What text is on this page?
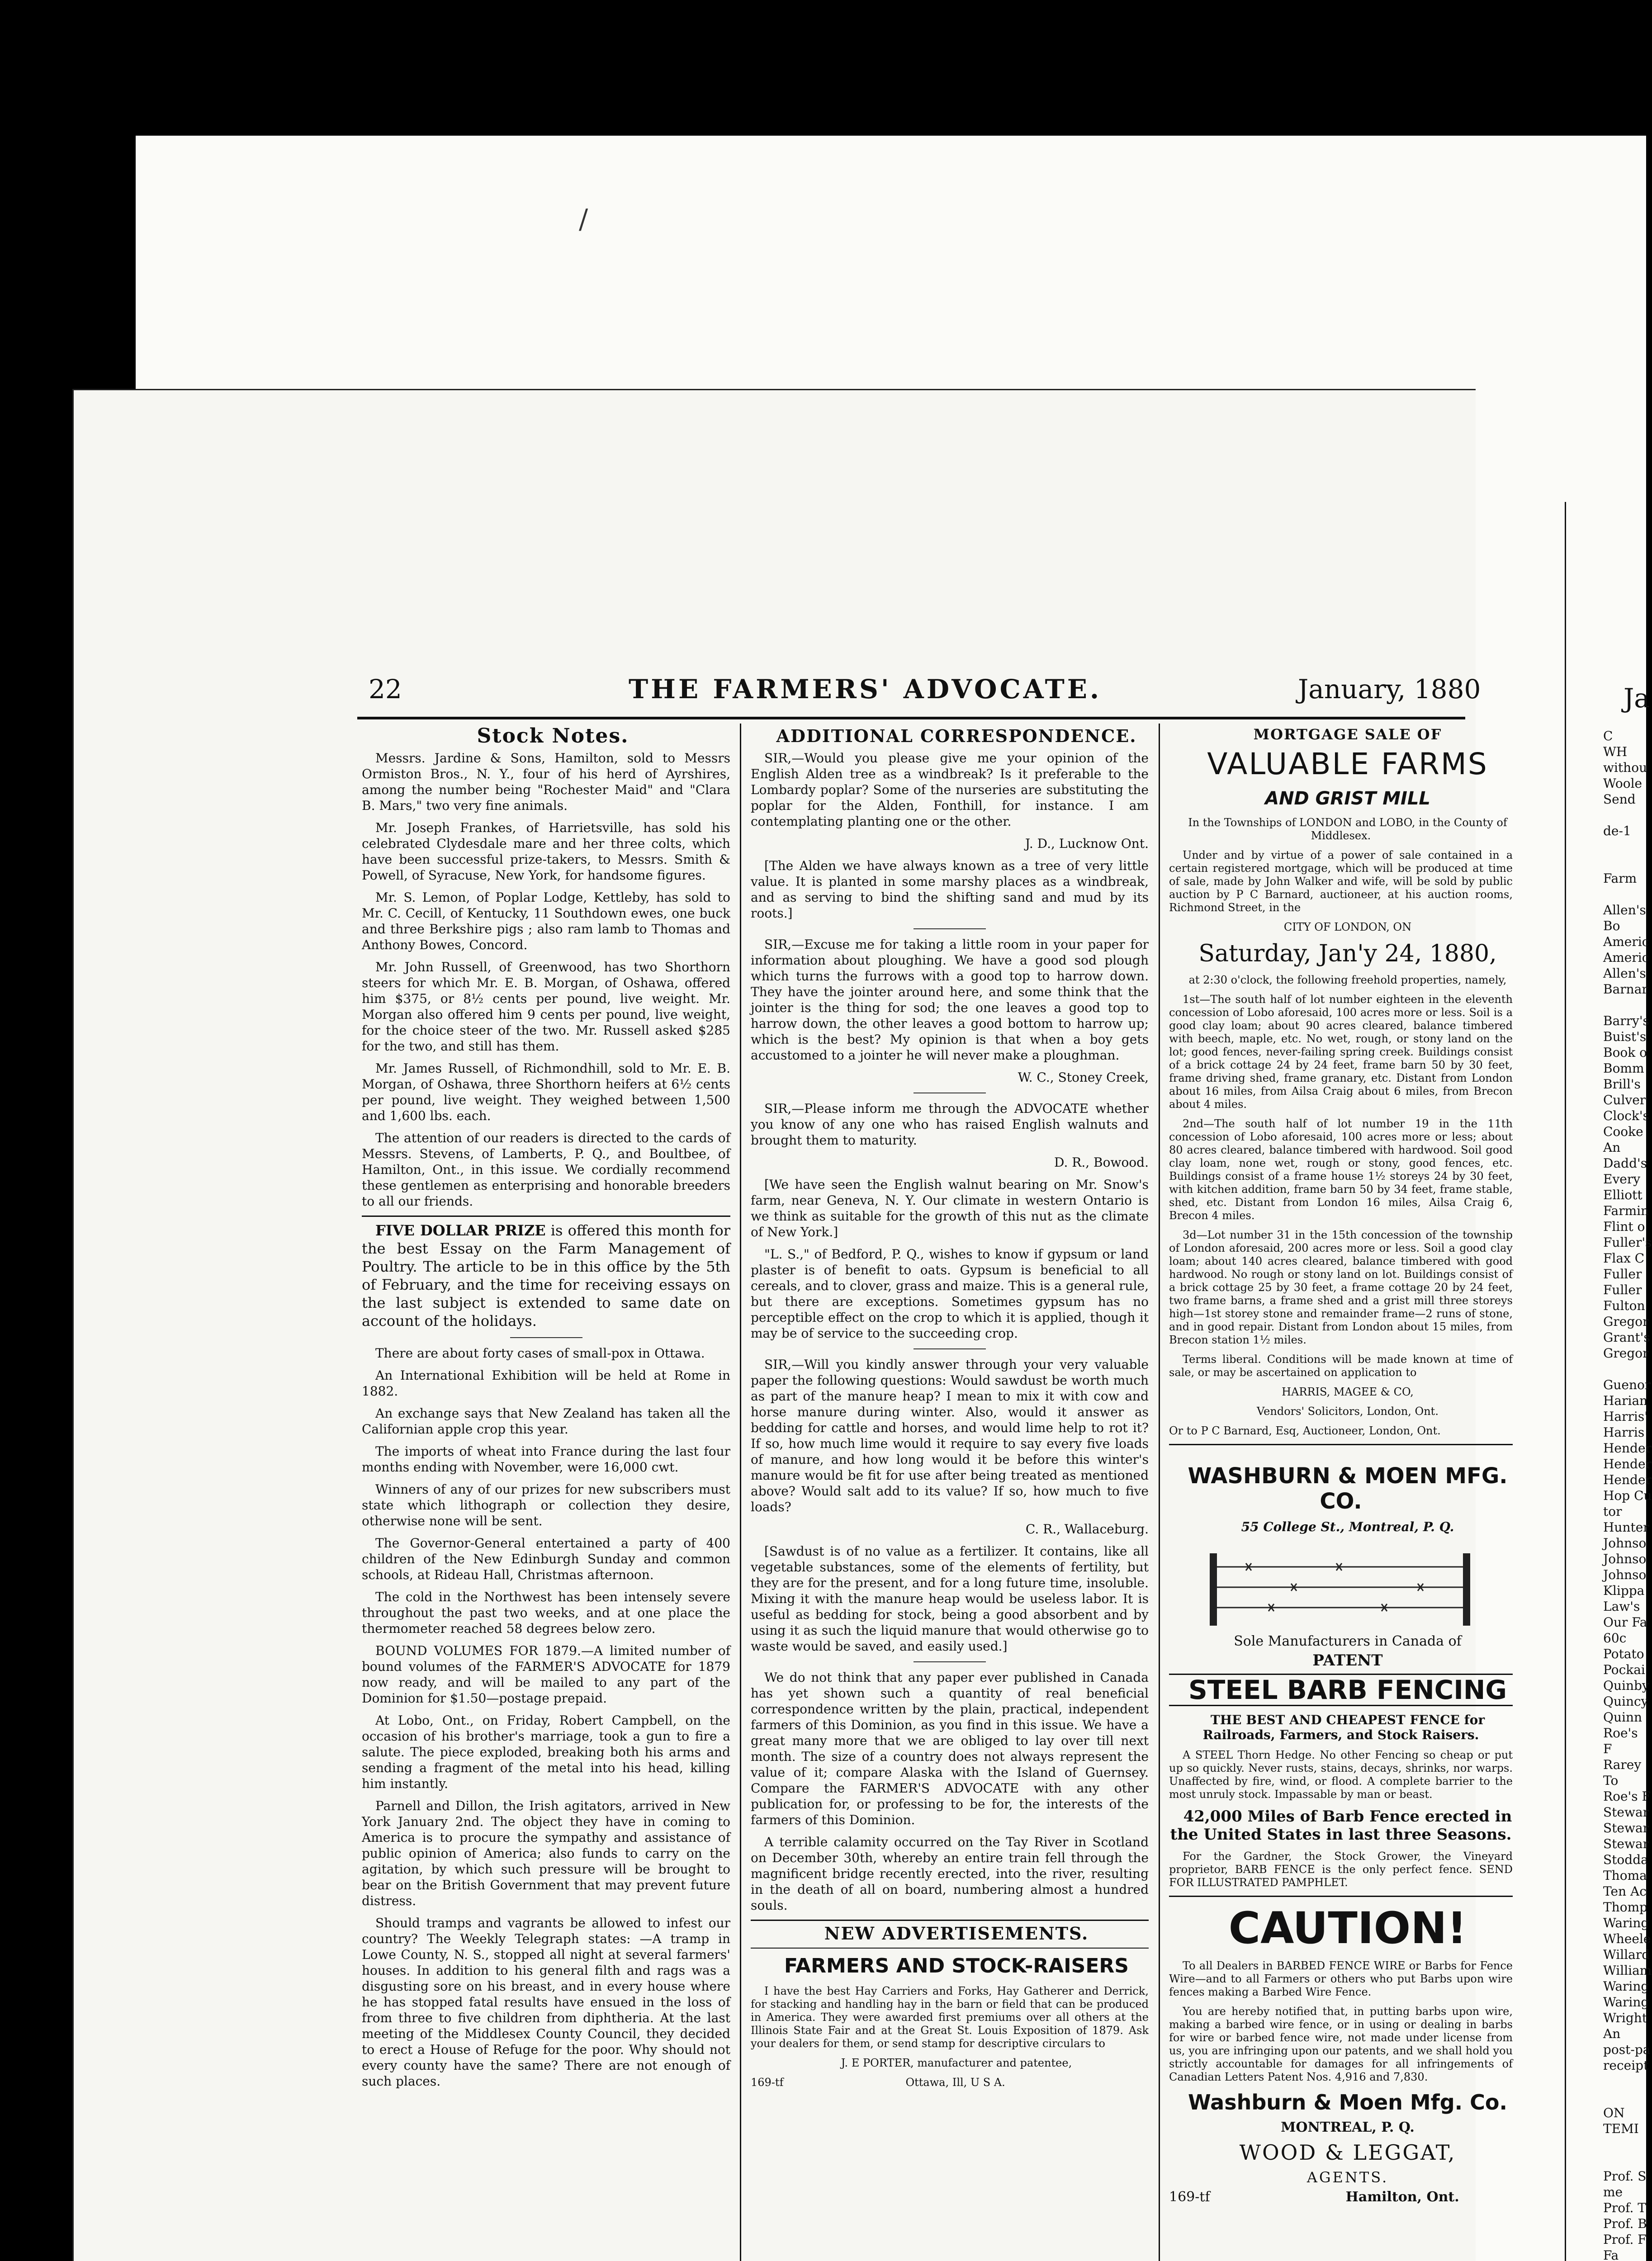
/
22	THE FARMERS' ADVOCATE.	January, 1880

Stock Notes.

Messrs. Jardine & Sons, Hamilton, sold to Messrs Ormiston Bros., N. Y., four of his herd of Ayrshires, among the number being "Rochester Maid" and "Clara B. Mars," two very fine animals.

Mr. Joseph Frankes, of Harrietsville, has sold his celebrated Clydesdale mare and her three colts, which have been successful prize-takers, to Messrs. Smith & Powell, of Syracuse, New York, for handsome figures.

Mr. S. Lemon, of Poplar Lodge, Kettleby, has sold to Mr. C. Cecill, of Kentucky, 11 Southdown ewes, one buck and three Berkshire pigs ; also ram lamb to Thomas and Anthony Bowes, Concord.

Mr. John Russell, of Greenwood, has two Shorthorn steers for which Mr. E. B. Morgan, of Oshawa, offered him $375, or 8½ cents per pound, live weight. Mr. Morgan also offered him 9 cents per pound, live weight, for the choice steer of the two. Mr. Russell asked $285 for the two, and still has them.

Mr. James Russell, of Richmondhill, sold to Mr. E. B. Morgan, of Oshawa, three Shorthorn heifers at 6½ cents per pound, live weight. They weighed between 1,500 and 1,600 lbs. each.

The attention of our readers is directed to the cards of Messrs. Stevens, of Lamberts, P. Q., and Boultbee, of Hamilton, Ont., in this issue. We cordially recommend these gentlemen as enterprising and honorable breeders to all our friends.

FIVE DOLLAR PRIZE is offered this month for the best Essay on the Farm Management of Poultry. The article to be in this office by the 5th of February, and the time for receiving essays on the last subject is extended to same date on account of the holidays.

There are about forty cases of small-pox in Ottawa.

An International Exhibition will be held at Rome in 1882.

An exchange says that New Zealand has taken all the Californian apple crop this year.

The imports of wheat into France during the last four months ending with November, were 16,000 cwt.

Winners of any of our prizes for new subscribers must state which lithograph or collection they desire, otherwise none will be sent.

The Governor-General entertained a party of 400 children of the New Edinburgh Sunday and common schools, at Rideau Hall, Christmas afternoon.

The cold in the Northwest has been intensely severe throughout the past two weeks, and at one place the thermometer reached 58 degrees below zero.

BOUND VOLUMES FOR 1879.—A limited number of bound volumes of the FARMER'S ADVOCATE for 1879 now ready, and will be mailed to any part of the Dominion for $1.50—postage prepaid.

At Lobo, Ont., on Friday, Robert Campbell, on the occasion of his brother's marriage, took a gun to fire a salute. The piece exploded, breaking both his arms and sending a fragment of the metal into his head, killing him instantly.

Parnell and Dillon, the Irish agitators, arrived in New York January 2nd. The object they have in coming to America is to procure the sympathy and assistance of public opinion of America; also funds to carry on the agitation, by which such pressure will be brought to bear on the British Government that may prevent future distress.

Should tramps and vagrants be allowed to infest our country? The Weekly Telegraph states: —A tramp in Lowe County, N. S., stopped all night at several farmers' houses. In addition to his general filth and rags was a disgusting sore on his breast, and in every house where he has stopped fatal results have ensued in the loss of from three to five children from diphtheria. At the last meeting of the Middlesex County Council, they decided to erect a House of Refuge for the poor. Why should not every county have the same? There are not enough of such places.

ADDITIONAL CORRESPONDENCE.

SIR,—Would you please give me your opinion of the English Alden tree as a windbreak? Is it preferable to the Lombardy poplar? Some of the nurseries are substituting the poplar for the Alden, Fonthill, for instance. I am contemplating planting one or the other.

J. D., Lucknow Ont.

[The Alden we have always known as a tree of very little value. It is planted in some marshy places as a windbreak, and as serving to bind the shifting sand and mud by its roots.]

SIR,—Excuse me for taking a little room in your paper for information about ploughing. We have a good sod plough which turns the furrows with a good top to harrow down. They have the jointer around here, and some think that the jointer is the thing for sod; the one leaves a good top to harrow down, the other leaves a good bottom to harrow up; which is the best? My opinion is that when a boy gets accustomed to a jointer he will never make a ploughman.

W. C., Stoney Creek,

SIR,—Please inform me through the ADVOCATE whether you know of any one who has raised English walnuts and brought them to maturity.

D. R., Bowood.

[We have seen the English walnut bearing on Mr. Snow's farm, near Geneva, N. Y. Our climate in western Ontario is we think as suitable for the growth of this nut as the climate of New York.]

"L. S.," of Bedford, P. Q., wishes to know if gypsum or land plaster is of benefit to oats. Gypsum is beneficial to all cereals, and to clover, grass and maize. This is a general rule, but there are exceptions. Sometimes gypsum has no perceptible effect on the crop to which it is applied, though it may be of service to the succeeding crop.

SIR,—Will you kindly answer through your very valuable paper the following questions: Would sawdust be worth much as part of the manure heap? I mean to mix it with cow and horse manure during winter. Also, would it answer as bedding for cattle and horses, and would lime help to rot it? If so, how much lime would it require to say every five loads of manure, and how long would it be before this winter's manure would be fit for use after being treated as mentioned above? Would salt add to its value? If so, how much to five loads?

C. R., Wallaceburg.

[Sawdust is of no value as a fertilizer. It contains, like all vegetable substances, some of the elements of fertility, but they are for the present, and for a long future time, insoluble. Mixing it with the manure heap would be useless labor. It is useful as bedding for stock, being a good absorbent and by using it as such the liquid manure that would otherwise go to waste would be saved, and easily used.]

We do not think that any paper ever published in Canada has yet shown such a quantity of real beneficial correspondence written by the plain, practical, independent farmers of this Dominion, as you find in this issue. We have a great many more that we are obliged to lay over till next month. The size of a country does not always represent the value of it; compare Alaska with the Island of Guernsey. Compare the FARMER'S ADVOCATE with any other publication for, or professing to be for, the interests of the farmers of this Dominion.

A terrible calamity occurred on the Tay River in Scotland on December 30th, whereby an entire train fell through the magnificent bridge recently erected, into the river, resulting in the death of all on board, numbering almost a hundred souls.

NEW ADVERTISEMENTS.

FARMERS AND STOCK-RAISERS

I have the best Hay Carriers and Forks, Hay Gatherer and Derrick, for stacking and handling hay in the barn or field that can be produced in America. They were awarded first premiums over all others at the Illinois State Fair and at the Great St. Louis Exposition of 1879. Ask your dealers for them, or send stamp for descriptive circulars to

J. E PORTER, manufacturer and patentee,

169-tf	Ottawa, Ill, U S A.

MORTGAGE SALE OF

VALUABLE FARMS

AND GRIST MILL

In the Townships of LONDON and LOBO, in the County of Middlesex.

Under and by virtue of a power of sale contained in a certain registered mortgage, which will be produced at time of sale, made by John Walker and wife, will be sold by public auction by P C Barnard, auctioneer, at his auction rooms, Richmond Street, in the

CITY OF LONDON, ON

Saturday, Jan'y 24, 1880,

at 2:30 o'clock, the following freehold properties, namely,

1st—The south half of lot number eighteen in the eleventh concession of Lobo aforesaid, 100 acres more or less. Soil is a good clay loam; about 90 acres cleared, balance timbered with beech, maple, etc. No wet, rough, or stony land on the lot; good fences, never-failing spring creek. Buildings consist of a brick cottage 24 by 24 feet, frame barn 50 by 30 feet, frame driving shed, frame granary, etc. Distant from London about 16 miles, from Ailsa Craig about 6 miles, from Brecon about 4 miles.

2nd—The south half of lot number 19 in the 11th concession of Lobo aforesaid, 100 acres more or less; about 80 acres cleared, balance timbered with hardwood. Soil good clay loam, none wet, rough or stony, good fences, etc. Buildings consist of a frame house 1½ storeys 24 by 30 feet, with kitchen addition, frame barn 50 by 34 feet, frame stable, shed, etc. Distant from London 16 miles, Ailsa Craig 6, Brecon 4 miles.

3d—Lot number 31 in the 15th concession of the township of London aforesaid, 200 acres more or less. Soil a good clay loam; about 140 acres cleared, balance timbered with good hardwood. No rough or stony land on lot. Buildings consist of a brick cottage 25 by 30 feet, a frame cottage 20 by 24 feet, two frame barns, a frame shed and a grist mill three storeys high—1st storey stone and remainder frame—2 runs of stone, and in good repair. Distant from London about 15 miles, from Brecon station 1½ miles.

Terms liberal. Conditions will be made known at time of sale, or may be ascertained on application to

HARRIS, MAGEE & CO,

Vendors' Solicitors, London, Ont.

Or to P C Barnard, Esq, Auctioneer, London, Ont.

WASHBURN & MOEN MFG. CO.

55 College St., Montreal, P. Q.

Sole Manufacturers in Canada of

PATENT

STEEL BARB FENCING

THE BEST AND CHEAPEST FENCE for Railroads, Farmers, and Stock Raisers.

A STEEL Thorn Hedge. No other Fencing so cheap or put up so quickly. Never rusts, stains, decays, shrinks, nor warps. Unaffected by fire, wind, or flood. A complete barrier to the most unruly stock. Impassable by man or beast.

42,000 Miles of Barb Fence erected in the United States in last three Seasons.

For the Gardner, the Stock Grower, the Vineyard proprietor, BARB FENCE is the only perfect fence. SEND FOR ILLUSTRATED PAMPHLET.

CAUTION!

To all Dealers in BARBED FENCE WIRE or Barbs for Fence Wire—and to all Farmers or others who put Barbs upon wire fences making a Barbed Wire Fence.

You are hereby notified that, in putting barbs upon wire, making a barbed wire fence, or in using or dealing in barbs for wire or barbed fence wire, not made under license from us, you are infringing upon our patents, and we shall hold you strictly accountable for damages for all infringements of Canadian Letters Patent Nos. 4,916 and 7,830.

Washburn & Moen Mfg. Co.

MONTREAL, P. Q.

WOOD & LEGGAT,

AGENTS.

169-tf	Hamilton, Ont.

Ja
C
WH
withou
Woole
Send
de-1
Farm
Allen's
Bo
Americ
Americ
Allen's
Barnar
Barry's
Buist's
Book o
Bomm
Brill's
Culver
Clock's
Cooke
An
Dadd's
Every
Elliott
Farmin
Flint o
Fuller's
Flax C
Fuller
Fuller
Fulton
Gregor
Grant's
Gregor
Guenor
Harian
Harris'
Harris
Hender
Hender
Hender
Hop Cu
tor
Hunter
Johnso
Johnso
Johnso
Klippa
Law's
Our Fa
60c
Potato
Pockai
Quinby
Quincy
Quinn
Roe's
F
Rarey
To
Roe's F
Stewar
Stewar
Stewar
Stodda
Thoma
Ten Ac
Thomp
Waring
Wheele
Willard
William
Waring
Waring
Wright
An
post-pa
receipt
ON
TEMI
Prof. S
me
Prof. T
Prof. B
Prof. F
Fa
